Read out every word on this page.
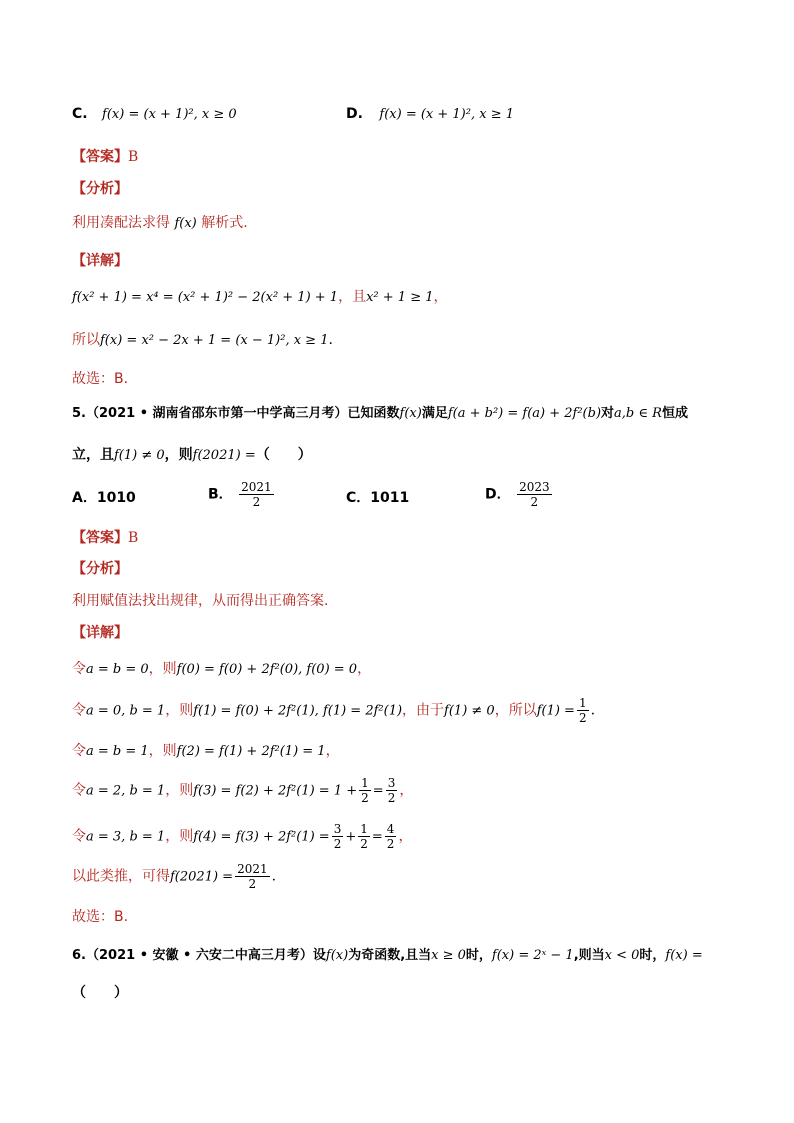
C. f(x) = (x + 1)², x ≥ 0	D. f(x) = (x + 1)², x ≥ 1
【答案】B
【分析】
利用凑配法求得 f(x) 解析式.
【详解】
f(x² + 1) = x⁴ = (x² + 1)² − 2(x² + 1) + 1，且x² + 1 ≥ 1，
所以f(x) = x² − 2x + 1 = (x − 1)², x ≥ 1.
故选：B.
5.（2021 • 湖南省邵东市第一中学高三月考）已知函数f(x)满足f(a + b²) = f(a) + 2f²(b)对a,b ∈ R恒成
立，且f(1) ≠ 0，则f(2021) =（　　）
A．1010	B． $\frac{2021}{2}$	C．1011	D． $\frac{2023}{2}$
【答案】B
【分析】
利用赋值法找出规律，从而得出正确答案.
【详解】
令a = b = 0，则f(0) = f(0) + 2f²(0), f(0) = 0，
令a = 0, b = 1，则f(1) = f(0) + 2f²(1), f(1) = 2f²(1)，由于f(1) ≠ 0，所以$f(1) = \frac{1}{2}$ .
令a = b = 1，则f(2) = f(1) + 2f²(1) = 1，
令a = 2, b = 1，则$f(3) = f(2) + 2f^2(1) = 1 + \frac{1}{2} = \frac{3}{2}$ ，
令a = 3, b = 1，则$f(4) = f(3) + 2f^2(1) = \frac{3}{2} + \frac{1}{2} = \frac{4}{2}$ ，
以此类推，可得$f(2021) = \frac{2021}{2}$ .
故选：B.
6.（2021 • 安徽 • 六安二中高三月考）设f(x)为奇函数,且当x ≥ 0时，f(x) = 2ˣ − 1,则当x < 0时，f(x) =
（　　）
